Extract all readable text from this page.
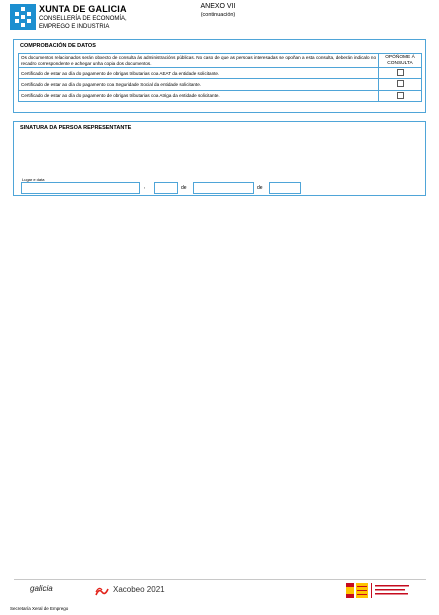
XUNTA DE GALICIA
CONSELLERÍA DE ECONOMÍA,
EMPREGO E INDUSTRIA
ANEXO VII
(continuación)
COMPROBACIÓN DE DATOS
Os documentos relacionados serán obxecto de consulta ás administracións públicas. No caso de que as persoas interesadas se opoñan a esta consulta, deberán indicalo no recadro correspondente e achegar unha copia dos documentos.	OPÓÑOME Á CONSULTA
Certificado de estar ao día do pagamento de obrigas tributarias coa AEAT da entidade solicitante.	
Certificado de estar ao día do pagamento coa Seguridade Social da entidade solicitante.	
Certificado de estar ao día do pagamento de obrigas tributarias coa Atriga da entidade solicitante.	
SINATURA DA PERSOA REPRESENTANTE
Lugar e data
,	de	de
galicia	Xacobeo 2021
Secretaría Xeral de Emprego
